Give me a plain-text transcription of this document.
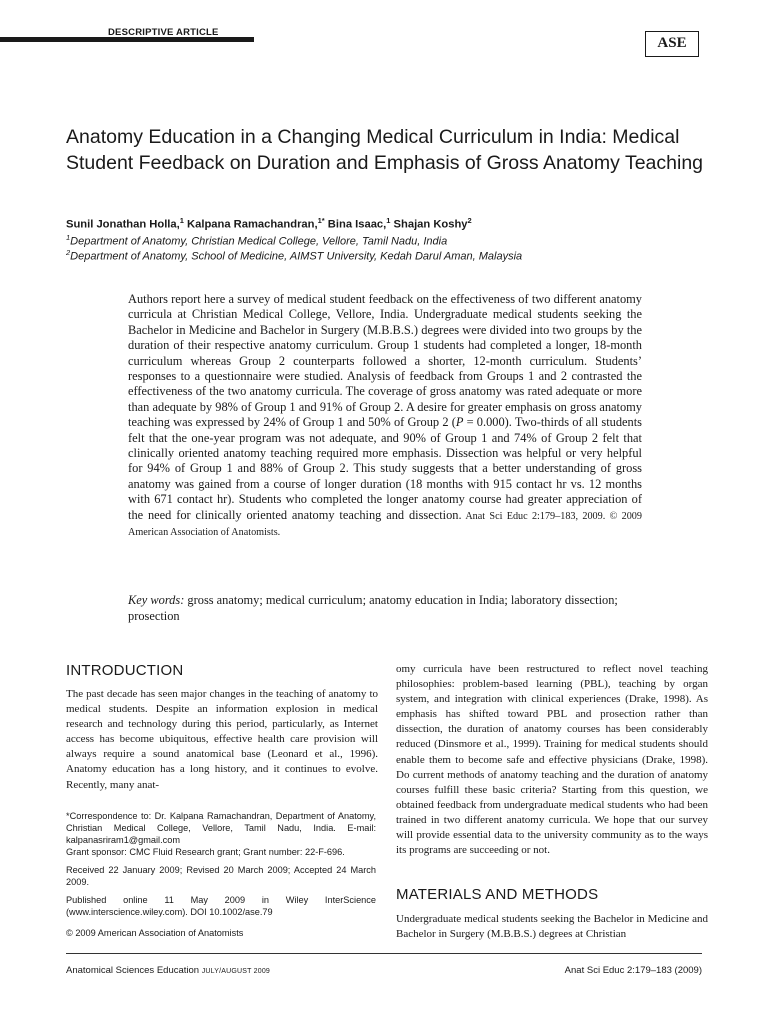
DESCRIPTIVE ARTICLE
ASE
Anatomy Education in a Changing Medical Curriculum in India: Medical Student Feedback on Duration and Emphasis of Gross Anatomy Teaching
Sunil Jonathan Holla,$^1$ Kalpana Ramachandran,$^{1*}$ Bina Isaac,$^1$ Shajan Koshy$^2$
$^1$Department of Anatomy, Christian Medical College, Vellore, Tamil Nadu, India
$^2$Department of Anatomy, School of Medicine, AIMST University, Kedah Darul Aman, Malaysia

Authors report here a survey of medical student feedback on the effectiveness of two different anatomy curricula at Christian Medical College, Vellore, India. Undergraduate medical students seeking the Bachelor in Medicine and Bachelor in Surgery (M.B.B.S.) degrees were divided into two groups by the duration of their respective anatomy curriculum. Group 1 students had completed a longer, 18-month curriculum whereas Group 2 counterparts followed a shorter, 12-month curriculum. Students’ responses to a questionnaire were studied. Analysis of feedback from Groups 1 and 2 contrasted the effectiveness of the two anatomy curricula. The coverage of gross anatomy was rated adequate or more than adequate by 98% of Group 1 and 91% of Group 2. A desire for greater emphasis on gross anatomy teaching was expressed by 24% of Group 1 and 50% of Group 2 (P = 0.000). Two-thirds of all students felt that the one-year program was not adequate, and 90% of Group 1 and 74% of Group 2 felt that clinically oriented anatomy teaching required more emphasis. Dissection was helpful or very helpful for 94% of Group 1 and 88% of Group 2. This study suggests that a better understanding of gross anatomy was gained from a course of longer duration (18 months with 915 contact hr vs. 12 months with 671 contact hr). Students who completed the longer anatomy course had greater appreciation of the need for clinically oriented anatomy teaching and dissection. Anat Sci Educ 2:179–183, 2009. © 2009 American Association of Anatomists.

Key words: gross anatomy; medical curriculum; anatomy education in India; laboratory dissection; prosection

INTRODUCTION

The past decade has seen major changes in the teaching of anatomy to medical students. Despite an information explosion in medical research and technology during this period, particularly, as Internet access has become ubiquitous, effective health care provision will always require a sound anatomical base (Leonard et al., 1996). Anatomy education has a long history, and it continues to evolve. Recently, many anat-

omy curricula have been restructured to reflect novel teaching philosophies: problem-based learning (PBL), teaching by organ system, and integration with clinical experiences (Drake, 1998). As emphasis has shifted toward PBL and prosection rather than dissection, the duration of anatomy courses has been considerably reduced (Dinsmore et al., 1999). Training for medical students should enable them to become safe and effective physicians (Drake, 1998). Do current methods of anatomy teaching and the duration of anatomy courses fulfill these basic criteria? Starting from this question, we obtained feedback from undergraduate medical students who had been trained in two different anatomy curricula. We hope that our survey will provide essential data to the university community as to the ways its programs are succeeding or not.

MATERIALS AND METHODS

Undergraduate medical students seeking the Bachelor in Medicine and Bachelor in Surgery (M.B.B.S.) degrees at Christian

*Correspondence to: Dr. Kalpana Ramachandran, Department of Anatomy, Christian Medical College, Vellore, Tamil Nadu, India. E-mail: kalpanasriram1@gmail.com

Grant sponsor: CMC Fluid Research grant; Grant number: 22-F-696.

Received 22 January 2009; Revised 20 March 2009; Accepted 24 March 2009.

Published online 11 May 2009 in Wiley InterScience (www.interscience.wiley.com). DOI 10.1002/ase.79

© 2009 American Association of Anatomists
Anatomical Sciences Education JULY/AUGUST 2009	Anat Sci Educ 2:179–183 (2009)
